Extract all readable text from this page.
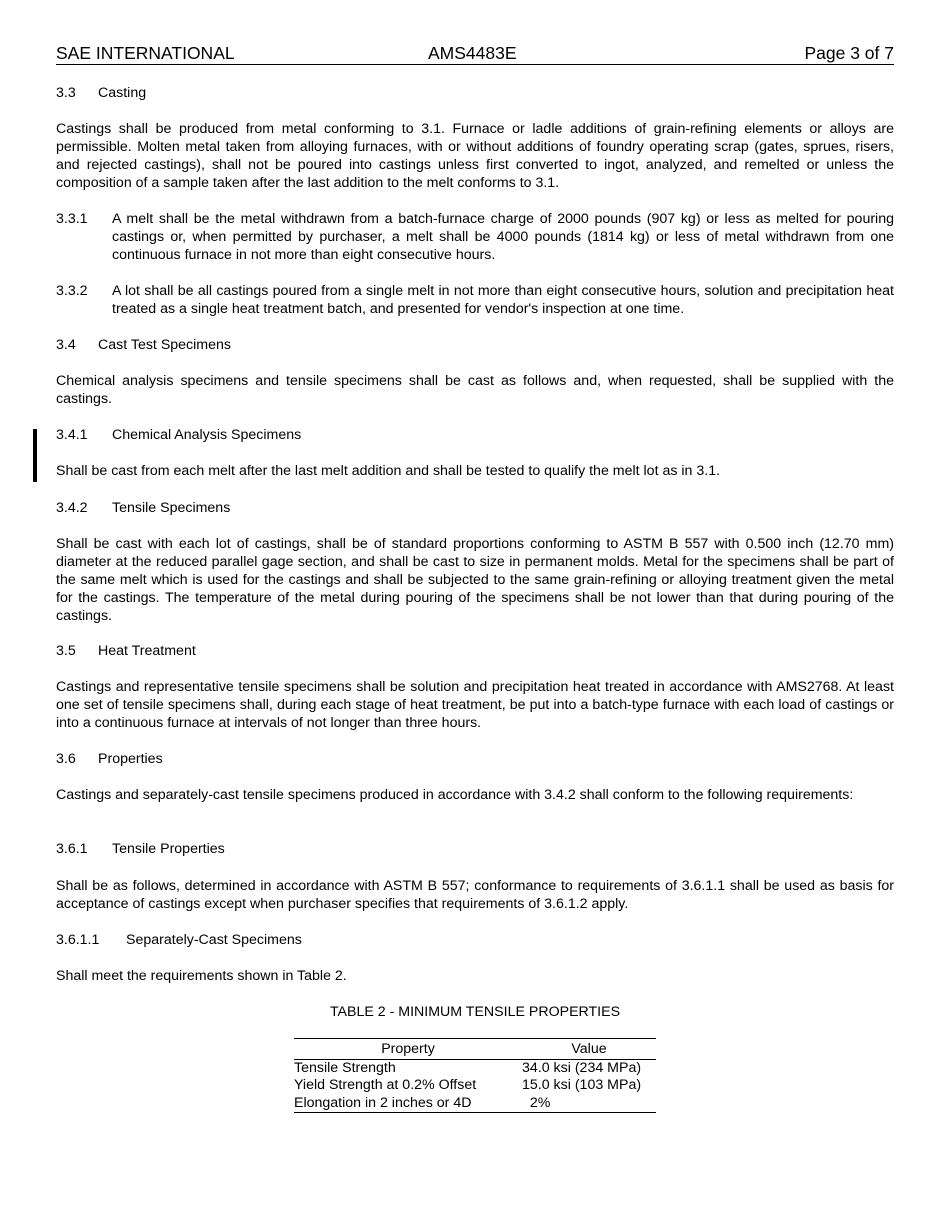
SAE INTERNATIONAL	AMS4483E	Page 3 of 7
3.3 Casting
Castings shall be produced from metal conforming to 3.1. Furnace or ladle additions of grain-refining elements or alloys are permissible. Molten metal taken from alloying furnaces, with or without additions of foundry operating scrap (gates, sprues, risers, and rejected castings), shall not be poured into castings unless first converted to ingot, analyzed, and remelted or unless the composition of a sample taken after the last addition to the melt conforms to 3.1.
3.3.1	A melt shall be the metal withdrawn from a batch-furnace charge of 2000 pounds (907 kg) or less as melted for pouring castings or, when permitted by purchaser, a melt shall be 4000 pounds (1814 kg) or less of metal withdrawn from one continuous furnace in not more than eight consecutive hours.
3.3.2	A lot shall be all castings poured from a single melt in not more than eight consecutive hours, solution and precipitation heat treated as a single heat treatment batch, and presented for vendor's inspection at one time.
3.4 Cast Test Specimens
Chemical analysis specimens and tensile specimens shall be cast as follows and, when requested, shall be supplied with the castings.
3.4.1 Chemical Analysis Specimens
Shall be cast from each melt after the last melt addition and shall be tested to qualify the melt lot as in 3.1.
3.4.2 Tensile Specimens
Shall be cast with each lot of castings, shall be of standard proportions conforming to ASTM B 557 with 0.500 inch (12.70 mm) diameter at the reduced parallel gage section, and shall be cast to size in permanent molds. Metal for the specimens shall be part of the same melt which is used for the castings and shall be subjected to the same grain-refining or alloying treatment given the metal for the castings. The temperature of the metal during pouring of the specimens shall be not lower than that during pouring of the castings.
3.5 Heat Treatment
Castings and representative tensile specimens shall be solution and precipitation heat treated in accordance with AMS2768. At least one set of tensile specimens shall, during each stage of heat treatment, be put into a batch-type furnace with each load of castings or into a continuous furnace at intervals of not longer than three hours.
3.6 Properties
Castings and separately-cast tensile specimens produced in accordance with 3.4.2 shall conform to the following requirements:
3.6.1 Tensile Properties
Shall be as follows, determined in accordance with ASTM B 557; conformance to requirements of 3.6.1.1 shall be used as basis for acceptance of castings except when purchaser specifies that requirements of 3.6.1.2 apply.
3.6.1.1 Separately-Cast Specimens
Shall meet the requirements shown in Table 2.
TABLE 2 - MINIMUM TENSILE PROPERTIES
Property	Value
Tensile Strength	34.0 ksi (234 MPa)
Yield Strength at 0.2% Offset	15.0 ksi (103 MPa)
Elongation in 2 inches or 4D	2%
